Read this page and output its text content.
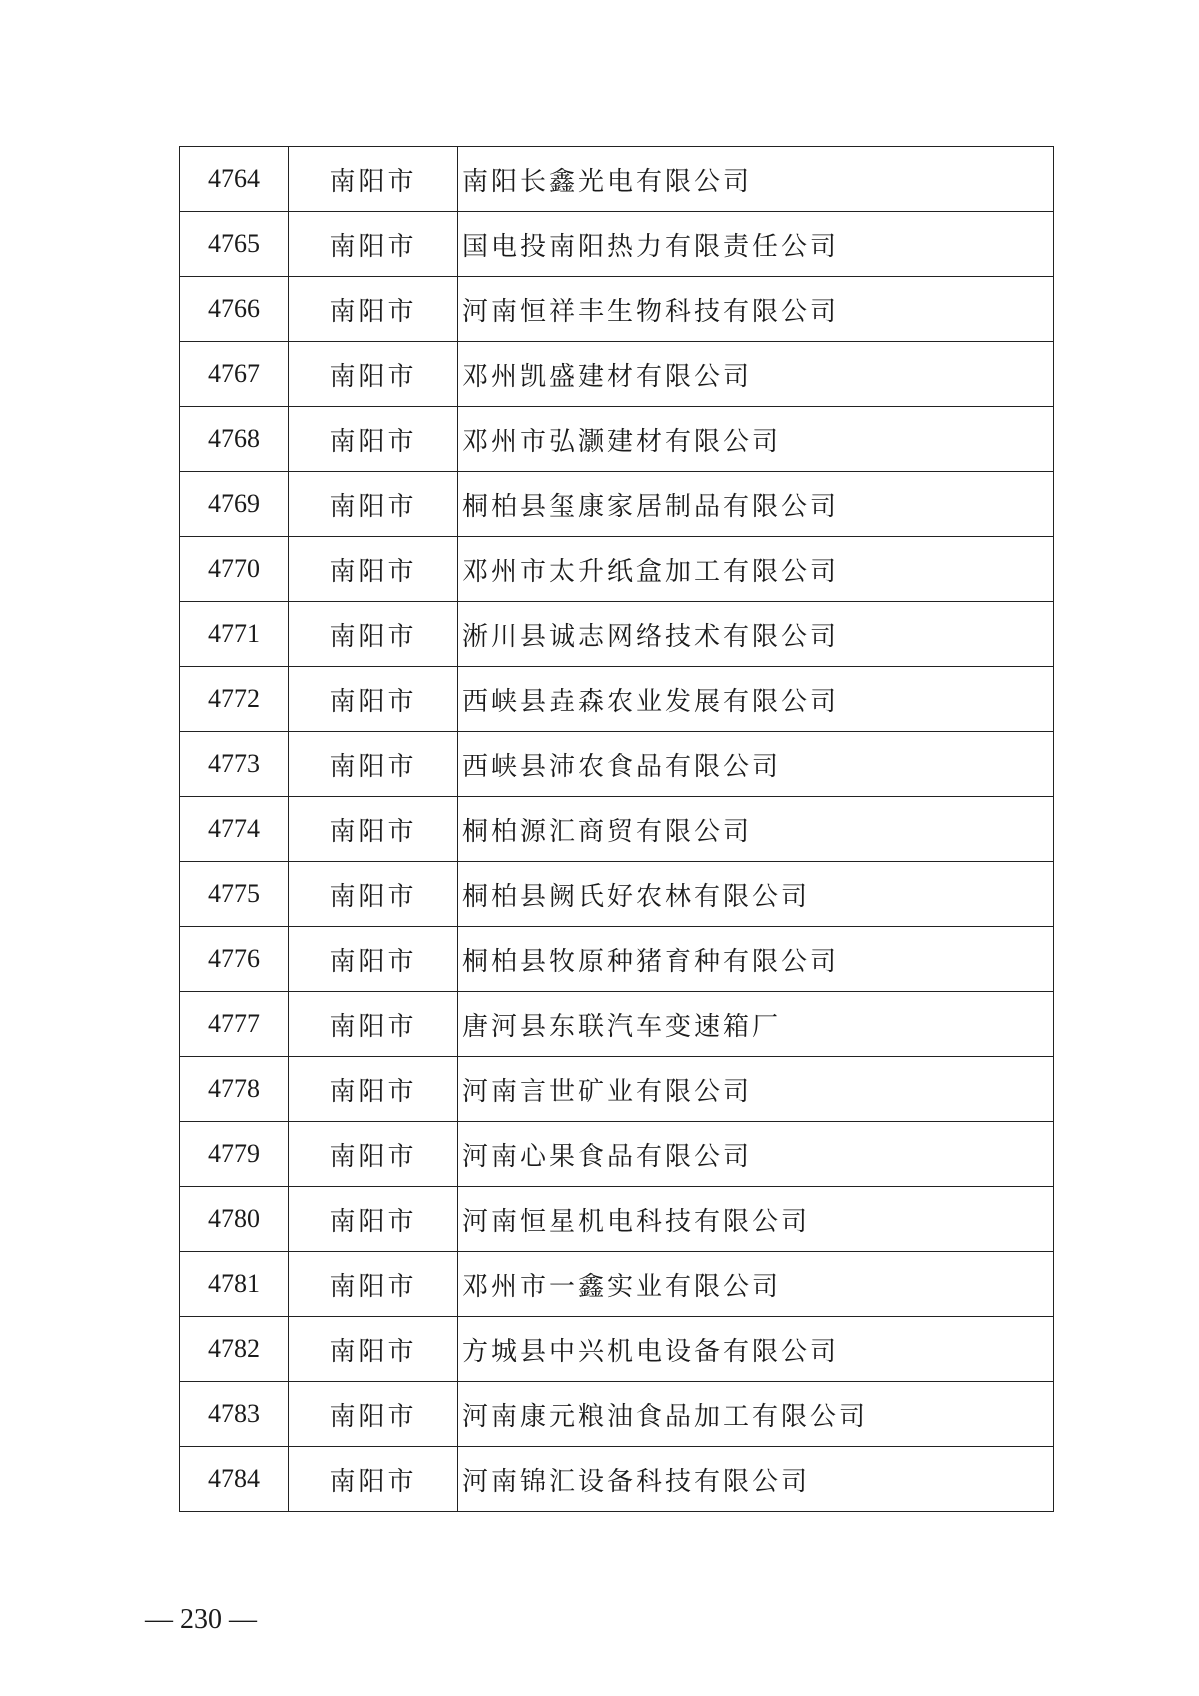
4764	南阳市	南阳长鑫光电有限公司
4765	南阳市	国电投南阳热力有限责任公司
4766	南阳市	河南恒祥丰生物科技有限公司
4767	南阳市	邓州凯盛建材有限公司
4768	南阳市	邓州市弘灏建材有限公司
4769	南阳市	桐柏县玺康家居制品有限公司
4770	南阳市	邓州市太升纸盒加工有限公司
4771	南阳市	淅川县诚志网络技术有限公司
4772	南阳市	西峡县垚森农业发展有限公司
4773	南阳市	西峡县沛农食品有限公司
4774	南阳市	桐柏源汇商贸有限公司
4775	南阳市	桐柏县阙氏好农林有限公司
4776	南阳市	桐柏县牧原种猪育种有限公司
4777	南阳市	唐河县东联汽车变速箱厂
4778	南阳市	河南言世矿业有限公司
4779	南阳市	河南心果食品有限公司
4780	南阳市	河南恒星机电科技有限公司
4781	南阳市	邓州市一鑫实业有限公司
4782	南阳市	方城县中兴机电设备有限公司
4783	南阳市	河南康元粮油食品加工有限公司
4784	南阳市	河南锦汇设备科技有限公司
— 230 —
